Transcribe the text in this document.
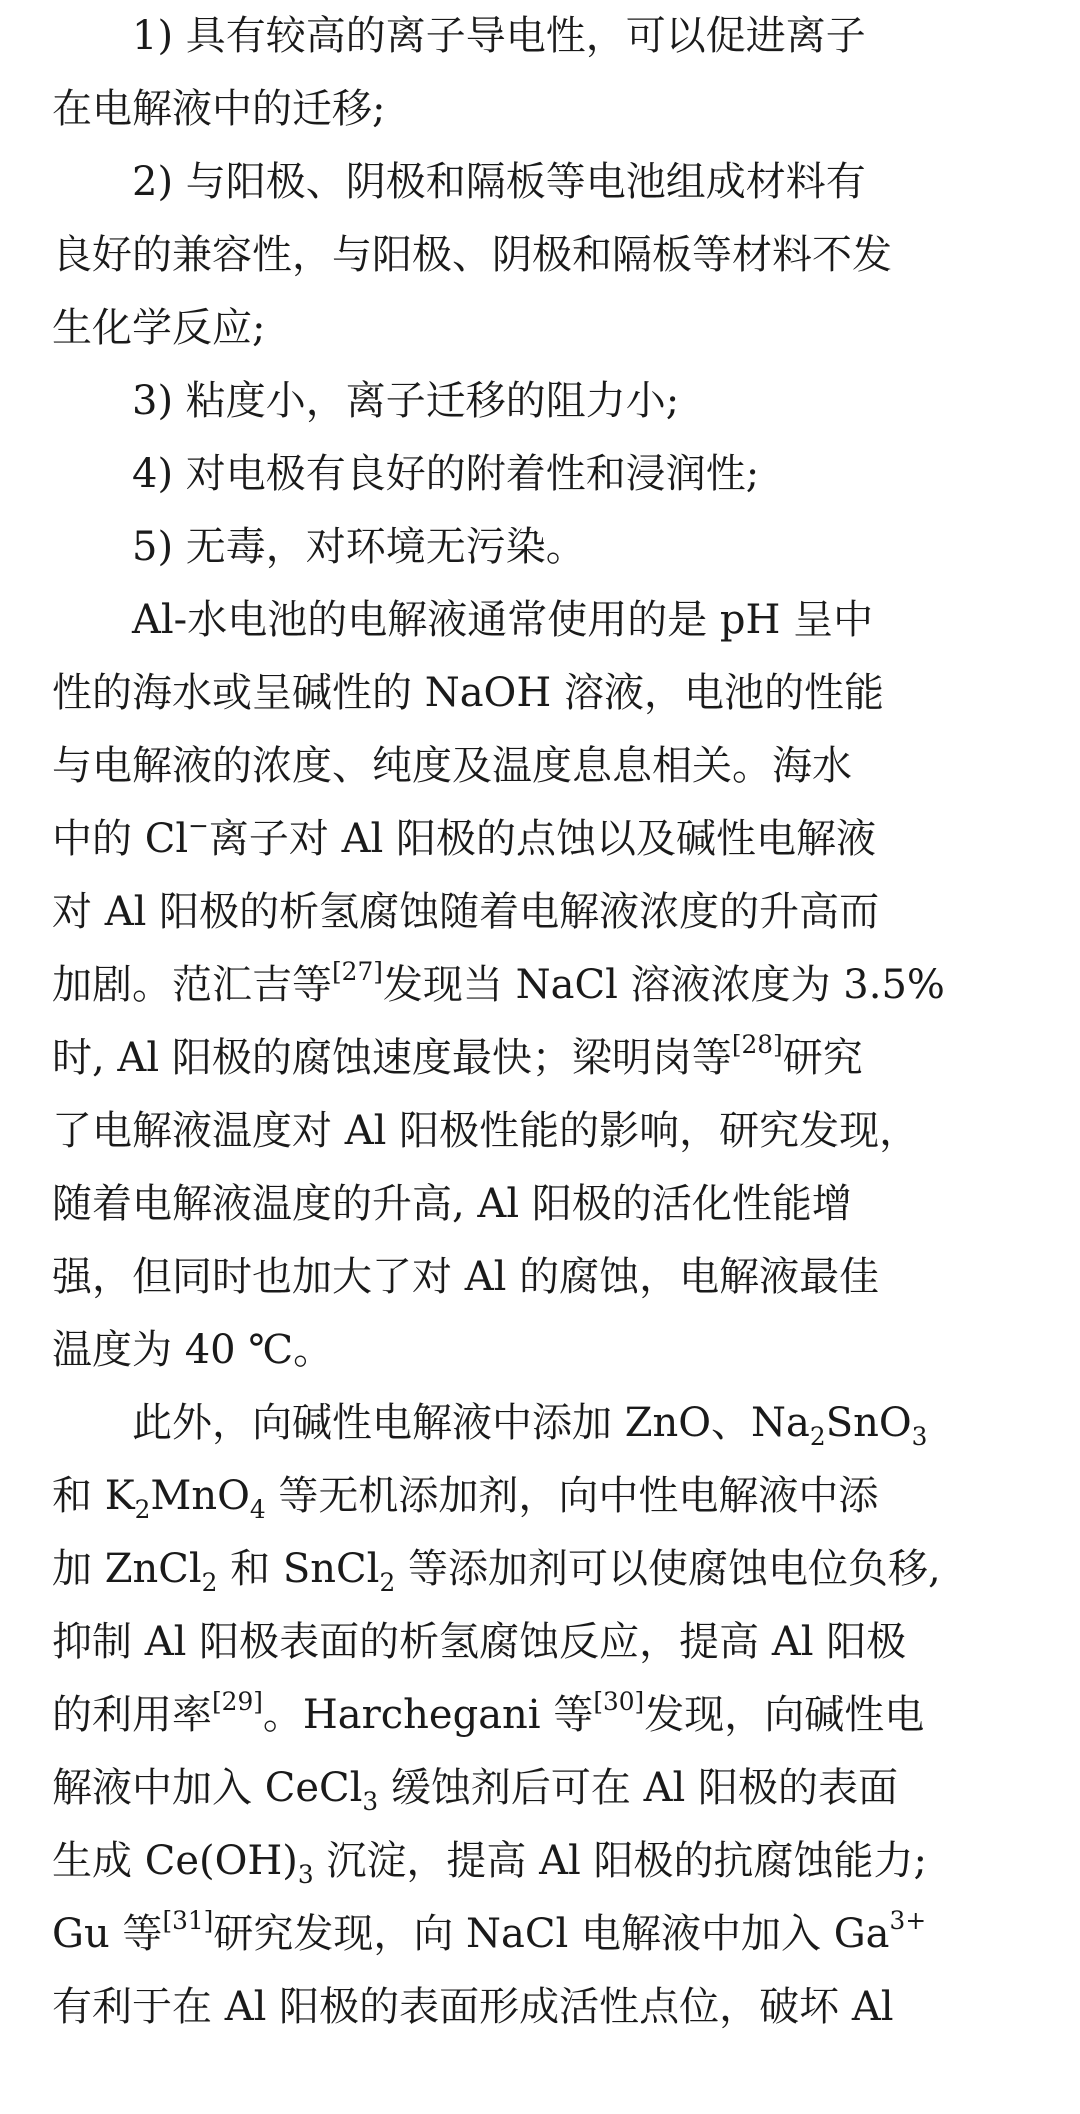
1) 具有较高的离子导电性，可以促进离子
在电解液中的迁移;
2) 与阳极、阴极和隔板等电池组成材料有
良好的兼容性，与阳极、阴极和隔板等材料不发
生化学反应;
3) 粘度小，离子迁移的阻力小;
4) 对电极有良好的附着性和浸润性;
5) 无毒，对环境无污染。
Al-水电池的电解液通常使用的是 pH 呈中
性的海水或呈碱性的 NaOH 溶液，电池的性能
与电解液的浓度、纯度及温度息息相关。海水
中的 Cl−离子对 Al 阳极的点蚀以及碱性电解液
对 Al 阳极的析氢腐蚀随着电解液浓度的升高而
加剧。范汇吉等[27]发现当 NaCl 溶液浓度为 3.5%
时, Al 阳极的腐蚀速度最快；梁明岗等[28]研究
了电解液温度对 Al 阳极性能的影响，研究发现，
随着电解液温度的升高, Al 阳极的活化性能增
强，但同时也加大了对 Al 的腐蚀，电解液最佳
温度为 40 ℃。
此外，向碱性电解液中添加 ZnO、$Na_2SnO_3$
和 $K_2MnO_4$ 等无机添加剂，向中性电解液中添
加 ZnCl$_2$ 和 SnCl$_2$ 等添加剂可以使腐蚀电位负移,
抑制 Al 阳极表面的析氢腐蚀反应，提高 Al 阳极
的利用率[29]。Harchegani 等[30]发现，向碱性电
解液中加入 CeCl$_3$ 缓蚀剂后可在 Al 阳极的表面
生成 $Ce(OH)_3$ 沉淀，提高 Al 阳极的抗腐蚀能力;
Gu 等[31]研究发现，向 NaCl 电解液中加入 $Ga^{3+}$
有利于在 Al 阳极的表面形成活性点位，破坏 Al
